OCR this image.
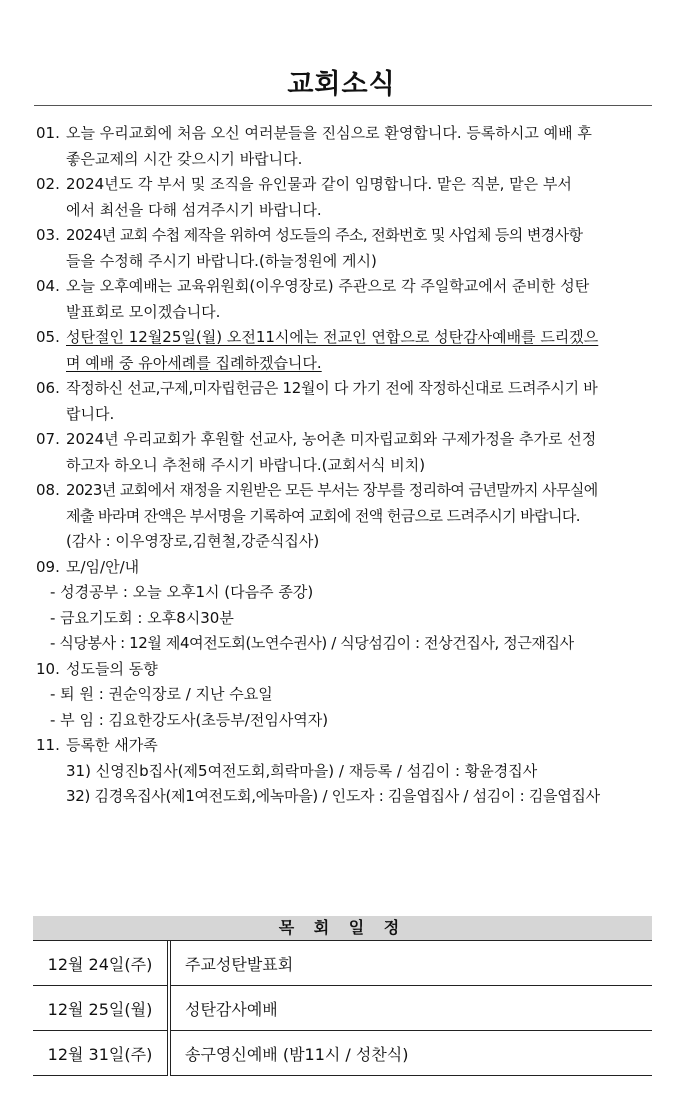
교회소식
01. 오늘 우리교회에 처음 오신 여러분들을 진심으로 환영합니다. 등록하시고 예배 후
좋은교제의 시간 갖으시기 바랍니다.
02. 2024년도 각 부서 및 조직을 유인물과 같이 임명합니다. 맡은 직분, 맡은 부서
에서 최선을 다해 섬겨주시기 바랍니다.
03. 2024년 교회 수첩 제작을 위하여 성도들의 주소, 전화번호 및 사업체 등의 변경사항
들을 수정해 주시기 바랍니다.(하늘정원에 게시)
04. 오늘 오후예배는 교육위원회(이우영장로) 주관으로 각 주일학교에서 준비한 성탄
발표회로 모이겠습니다.
05. 성탄절인 12월25일(월) 오전11시에는 전교인 연합으로 성탄감사예배를 드리겠으
며 예배 중 유아세례를 집례하겠습니다.
06. 작정하신 선교,구제,미자립헌금은 12월이 다 가기 전에 작정하신대로 드려주시기 바
랍니다.
07. 2024년 우리교회가 후원할 선교사, 농어촌 미자립교회와 구제가정을 추가로 선정
하고자 하오니 추천해 주시기 바랍니다.(교회서식 비치)
08. 2023년 교회에서 재정을 지원받은 모든 부서는 장부를 정리하여 금년말까지 사무실에
제출 바라며 잔액은 부서명을 기록하여 교회에 전액 헌금으로 드려주시기 바랍니다.
(감사 : 이우영장로,김현철,강준식집사)
09. 모/임/안/내
- 성경공부 : 오늘 오후1시 (다음주 종강)
- 금요기도회 : 오후8시30분
- 식당봉사 : 12월 제4여전도회(노연수권사) / 식당섬김이 : 전상건집사, 정근재집사
10. 성도들의 동향
- 퇴 원 : 권순익장로 / 지난 수요일
- 부 임 : 김요한강도사(초등부/전임사역자)
11. 등록한 새가족
31) 신영진b집사(제5여전도회,희락마을) / 재등록 / 섬김이 : 황윤경집사
32) 김경옥집사(제1여전도회,에녹마을) / 인도자 : 김을엽집사 / 섬김이 : 김을엽집사
목 회 일 정
12월 24일(주)	주교성탄발표회
12월 25일(월)	성탄감사예배
12월 31일(주)	송구영신예배 (밤11시 / 성찬식)
